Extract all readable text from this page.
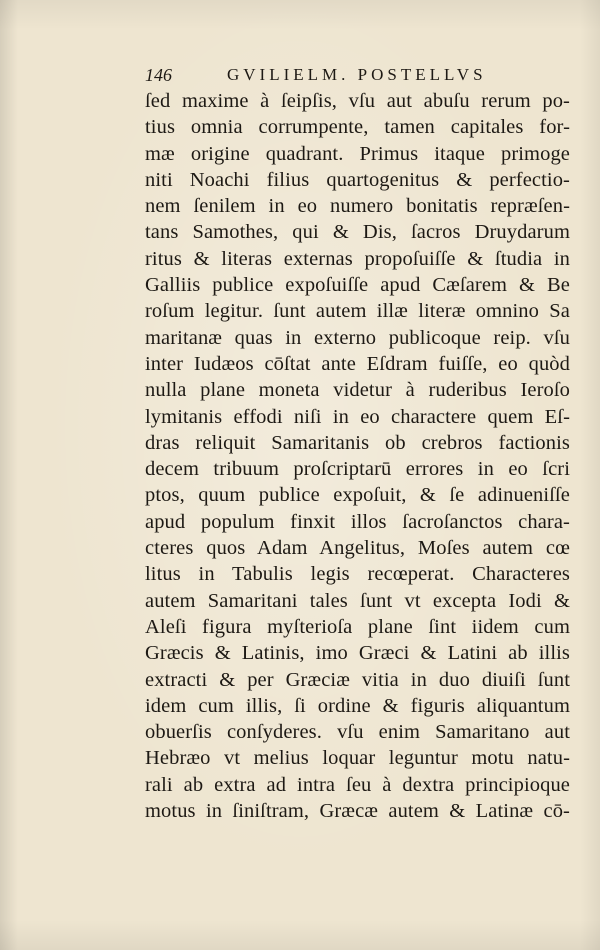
146	GVILIELM. POSTELLVS
ſed maxime à ſeipſis, vſu aut abuſu rerum po-
tius omnia corrumpente, tamen capitales for-
mæ origine quadrant. Primus itaque primoge
niti Noachi filius quartogenitus & perfectio-
nem ſenilem in eo numero bonitatis repræſen-
tans Samothes, qui & Dis, ſacros Druydarum
ritus & literas externas propoſuiſſe & ſtudia in
Galliis publice expoſuiſſe apud Cæſarem & Be
roſum legitur. ſunt autem illæ literæ omnino Sa
maritanæ quas in externo publicoque reip. vſu
inter Iudæos cōſtat ante Eſdram fuiſſe, eo quòd
nulla plane moneta videtur à ruderibus Ieroſo
lymitanis effodi niſi in eo charactere quem Eſ-
dras reliquit Samaritanis ob crebros factionis
decem tribuum proſcriptarū errores in eo ſcri
ptos, quum publice expoſuit, & ſe adinueniſſe
apud populum finxit illos ſacroſanctos chara-
cteres quos Adam Angelitus, Moſes autem cœ
litus in Tabulis legis recœperat. Characteres
autem Samaritani tales ſunt vt excepta Iodi &
Aleſi figura myſterioſa plane ſint iidem cum
Græcis & Latinis, imo Græci & Latini ab illis
extracti & per Græciæ vitia in duo diuiſi ſunt
idem cum illis, ſi ordine & figuris aliquantum
obuerſis conſyderes. vſu enim Samaritano aut
Hebræo vt melius loquar leguntur motu natu-
rali ab extra ad intra ſeu à dextra principioque
motus in ſiniſtram, Græcæ autem & Latinæ cō-
